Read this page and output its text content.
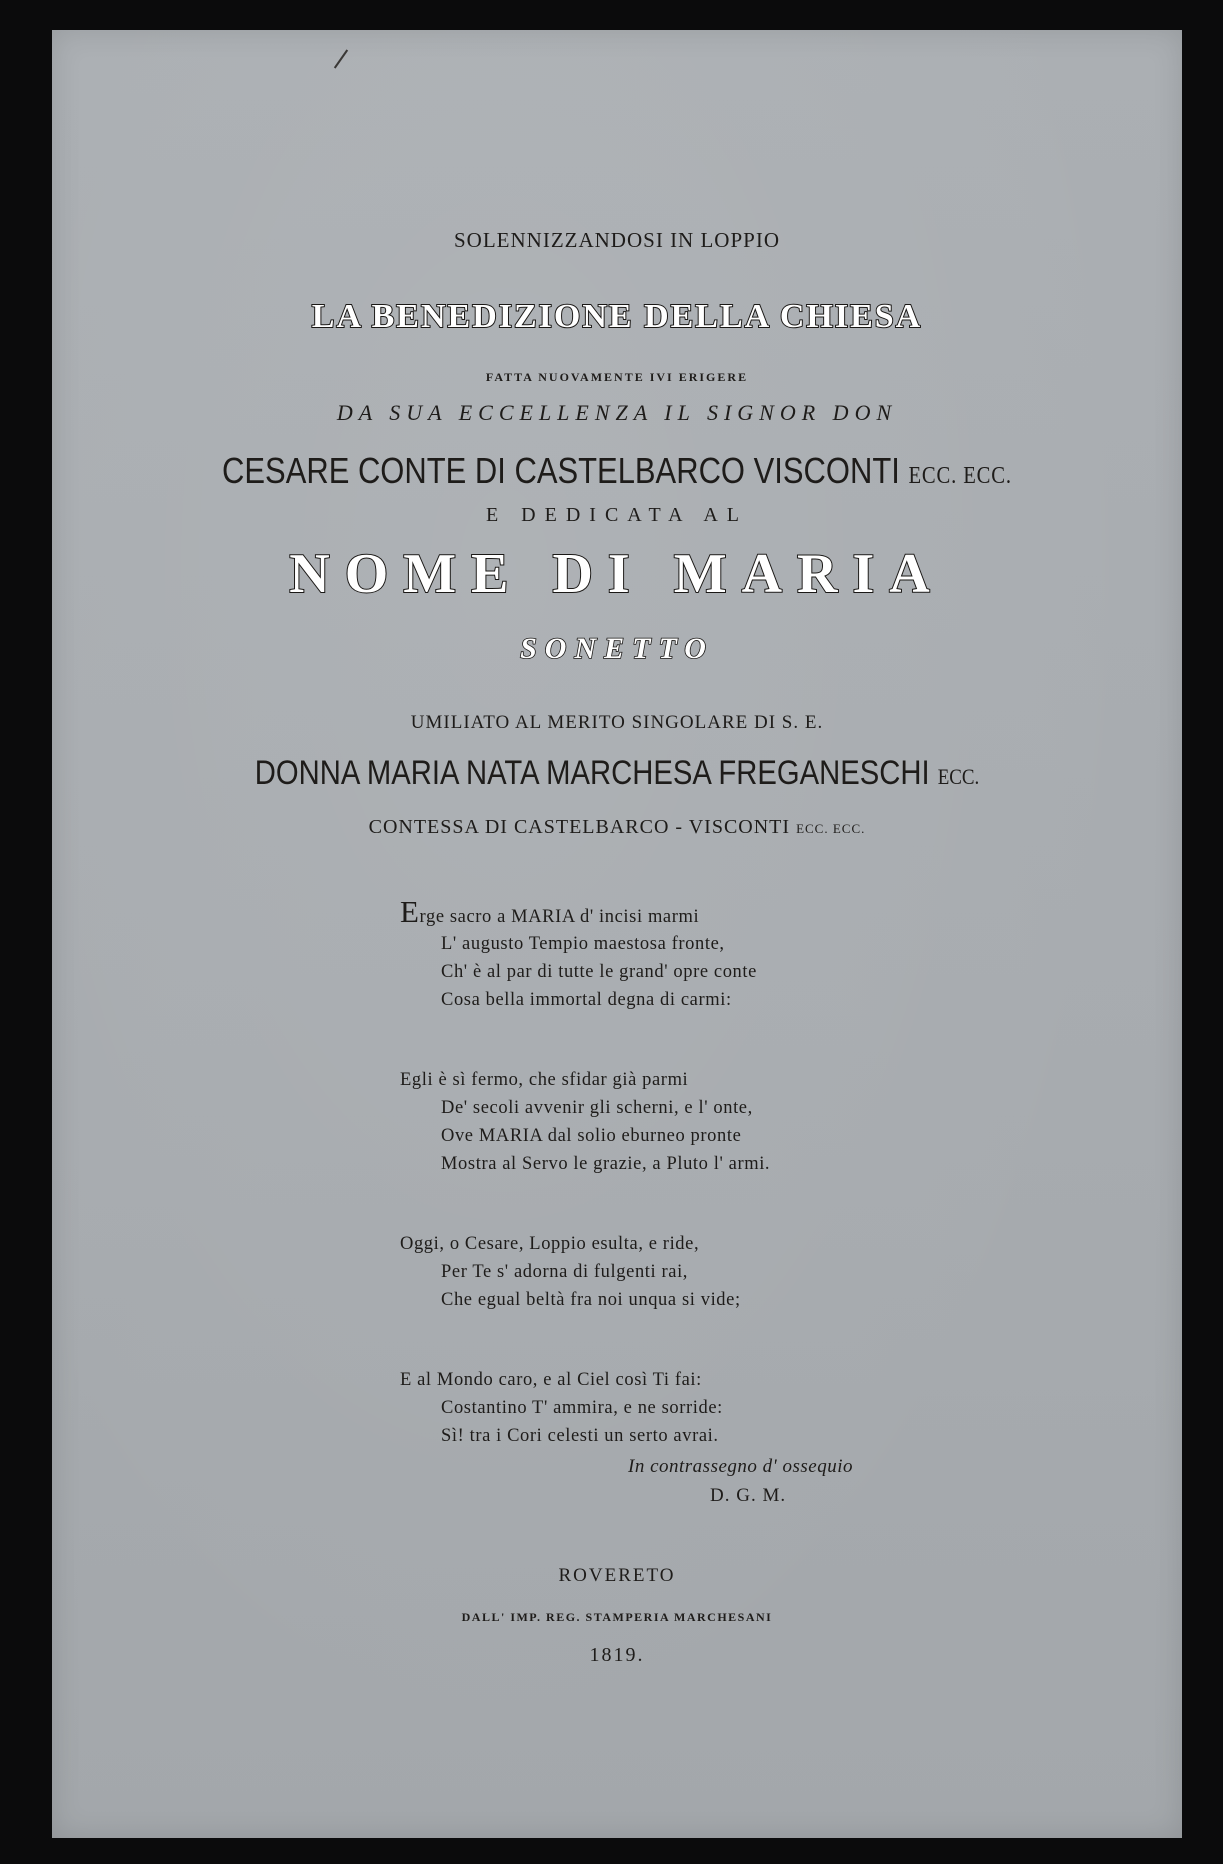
SOLENNIZZANDOSI IN LOPPIO
LA BENEDIZIONE DELLA CHIESA
FATTA NUOVAMENTE IVI ERIGERE
DA SUA ECCELLENZA IL SIGNOR DON
CESARE CONTE DI CASTELBARCO VISCONTI ECC. ECC.
E DEDICATA AL
NOME DI MARIA
SONETTO
UMILIATO AL MERITO SINGOLARE DI S. E.
DONNA MARIA NATA MARCHESA FREGANESCHI ECC.
CONTESSA DI CASTELBARCO - VISCONTI ECC. ECC.
Erge sacro a MARIA d' incisi marmi
L' augusto Tempio maestosa fronte,
Ch' è al par di tutte le grand' opre conte
Cosa bella immortal degna di carmi:
Egli è sì fermo, che sfidar già parmi
De' secoli avvenir gli scherni, e l' onte,
Ove MARIA dal solio eburneo pronte
Mostra al Servo le grazie, a Pluto l' armi.
Oggi, o Cesare, Loppio esulta, e ride,
Per Te s' adorna di fulgenti rai,
Che egual beltà fra noi unqua si vide;
E al Mondo caro, e al Ciel così Ti fai:
Costantino T' ammira, e ne sorride:
Sì! tra i Cori celesti un serto avrai.
In contrassegno d' ossequio
D. G. M.
ROVERETO
DALL' IMP. REG. STAMPERIA MARCHESANI
1819.
